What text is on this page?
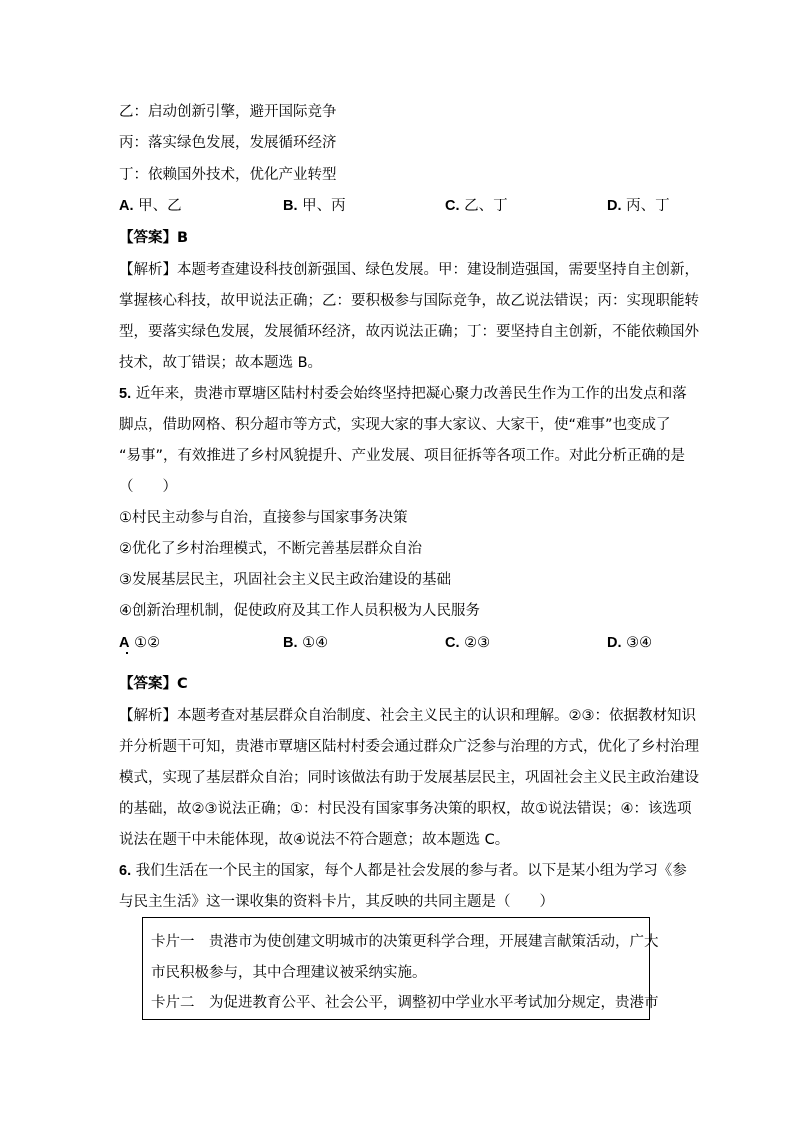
乙：启动创新引擎，避开国际竞争
丙：落实绿色发展，发展循环经济
丁：依赖国外技术，优化产业转型
A. 甲、乙	B. 甲、丙	C. 乙、丁	D. 丙、丁
【答案】B
【解析】本题考查建设科技创新强国、绿色发展。甲：建设制造强国，需要坚持自主创新，
掌握核心科技，故甲说法正确；乙：要积极参与国际竞争，故乙说法错误；丙：实现职能转
型，要落实绿色发展，发展循环经济，故丙说法正确；丁：要坚持自主创新，不能依赖国外
技术，故丁错误；故本题选 B。
5. 近年来，贵港市覃塘区陆村村委会始终坚持把凝心聚力改善民生作为工作的出发点和落
脚点，借助网格、积分超市等方式，实现大家的事大家议、大家干，使“难事”也变成了
“易事”，有效推进了乡村风貌提升、产业发展、项目征拆等各项工作。对此分析正确的是
（　　）
①村民主动参与自治，直接参与国家事务决策
②优化了乡村治理模式，不断完善基层群众自治
③发展基层民主，巩固社会主义民主政治建设的基础
④创新治理机制，促使政府及其工作人员积极为人民服务
A ①②	B. ①④	C. ②③	D. ③④
【答案】C
【解析】本题考查对基层群众自治制度、社会主义民主的认识和理解。②③：依据教材知识
并分析题干可知，贵港市覃塘区陆村村委会通过群众广泛参与治理的方式，优化了乡村治理
模式，实现了基层群众自治；同时该做法有助于发展基层民主，巩固社会主义民主政治建设
的基础，故②③说法正确；①：村民没有国家事务决策的职权，故①说法错误；④：该选项
说法在题干中未能体现，故④说法不符合题意；故本题选 C。
6. 我们生活在一个民主的国家，每个人都是社会发展的参与者。以下是某小组为学习《参
与民主生活》这一课收集的资料卡片，其反映的共同主题是（　　）
卡片一　贵港市为使创建文明城市的决策更科学合理，开展建言献策活动，广大
市民积极参与，其中合理建议被采纳实施。
卡片二　为促进教育公平、社会公平，调整初中学业水平考试加分规定，贵港市
